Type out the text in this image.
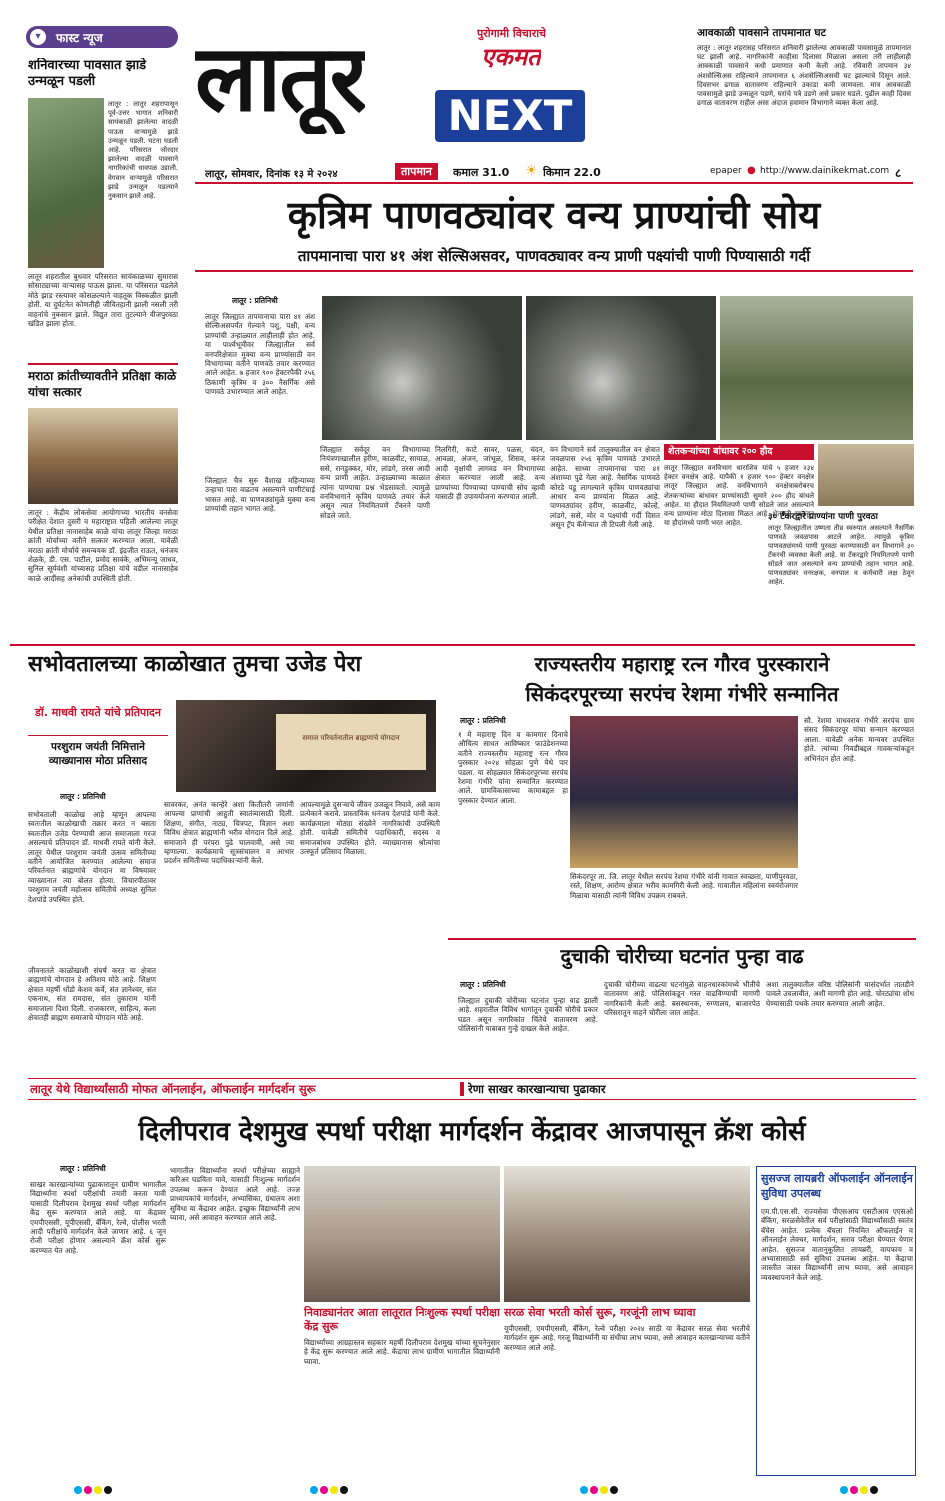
▾	फास्ट न्यूज
शनिवारच्या पावसात झाडे उन्मळून पडली
लातूर : लातूर शहरापासून पूर्व-उत्तर भागात शनिवारी सायंकाळी झालेल्या वादळी पाऊस वाऱ्यामुळे झाडे उन्मळून पडली. घटना घडली आहे. परिसरात जोरदार झालेल्या वादळी पावसाने नागरिकांची धावपळ उडाली. वेगवान वाऱ्यामुळे परिसरात झाडे उन्मळून पडल्याने नुकसान झाले आहे.
लातूर शहरातील बुधवार परिसरात सायंकाळच्या सुमारास सोसाट्याच्या वाऱ्यासह पाऊस झाला. या परिसरात पडलेले मोठे झाड रस्त्यावर कोसळल्याने वाहतूक विस्कळीत झाली होती. या दुर्घटनेत कोणतीही जीवितहानी झाली नसली तरी वाहनांचे नुकसान झाले. विद्युत तारा तुटल्याने वीजपुरवठा खंडित झाला होता.
मराठा क्रांतीच्यावतीने प्रतिक्षा काळे यांचा सत्कार
लातूर : केंद्रीय लोकसेवा आयोगाच्या भारतीय वनसेवा परीक्षेत देशात दुसरी व महाराष्ट्रात पहिली आलेल्या लातूर येथील प्रतिक्षा नानासाहेब काळे यांचा लातूर जिल्हा मराठा क्रांती मोर्चाच्या वतीने सत्कार करण्यात आला. यावेळी मराठा क्रांती मोर्चाचे समन्वयक डॉ. इंद्रजीत राऊत, धनंजय शेळके, डी. एस. पाटील, प्रमोद सावंके, अभिमन्यू जाधव, सुनिल सूर्यवंशी यांच्यासह प्रतिक्षा यांचे वडील नानासाहेब काळे आदींसह अनेकांची उपस्थिती होती.
लातूर	पुरोगामी विचाराचे
एकमत
NEXT
लातूर, सोमवार, दिनांक १३ मे २०२४	तापमान	कमाल 31.0 ☀ किमान 22.0	epaper ● http://www.dainikekmat.com ८
आवकाळी पावसाने तापमानात घट
लातूर : लातूर शहरासह परिसरात शनिवारी झालेल्या आवकाळी पावसामुळे तापमानात घट झाली आहे. नागरिकांनी काहीसा दिलासा मिळाला असला तरी लाहीलाही आवकाळी पावसाने कधी प्रमाणात कमी केली आहे. रविवारी तापमान ३४ अंशसेल्सिअस राहिल्याने तापमानात ६ अंशसेल्सिअसची घट झाल्याचे दिसून आले. दिवसभर ढगाळ वातावरण राहिल्याने उकाडा कमी जाणवला. मात्र आवकाळी पावसामुळे झाडे उन्मळून पडणे, घरांचे पत्रे उडणे असे प्रकार घडले. पुढील काही दिवस ढगाळ वातावरण राहील असा अंदाज हवामान विभागाने व्यक्त केला आहे.
कृत्रिम पाणवठ्यांवर वन्य प्राण्यांची सोय
तापमानाचा पारा ४१ अंश सेल्सिअसवर, पाणवठ्यावर वन्य प्राणी पक्ष्यांची पाणी पिण्यासाठी गर्दी
लातूर : प्रतिनिधी
लातूर जिल्ह्यात तापमानाचा पारा ४१ अंश सेल्सिअसपर्यंत गेल्याने पशु, पक्षी, वन्य प्राण्यांची उन्हाळ्यात लाहीलाही होत आहे. या पार्श्वभूमीवर जिल्ह्यातील सर्व वनपरिक्षेत्रात मुक्या वन्य प्राण्यांसाठी वन विभागाच्या वतीने पाणवठे तयार करण्यात आले आहेत. ७ हजार ९०० हेक्टरपैकी २५६ ठिकाणी कृत्रिम व ३०० नैसर्गिक असे पाणवठे उभारण्यात आले आहेत.
जिल्ह्यात चैत्र सुरु वैशाख महिन्याच्या उन्हाचा पारा वाढतच असल्याने पाणीटंचाई भासत आहे. या पाणवठ्यांमुळे मुक्या वन्य प्राण्यांची तहान भागत आहे.
जिल्ह्यात सर्वदूर वन विभागाच्या नियंत्रणाखालील हरीण, काळवीट, सायाळ, ससे, रानडुक्कर, मोर, लांडगे, तरस आदी वन्य प्राणी आहेत. उन्हाळ्याच्या काळात त्यांना पाण्याचा प्रश्न भेडसावतो. त्यामुळे वनविभागाने कृत्रिम पाणवठे तयार केले असून त्यात नियमितपणे टँकरने पाणी सोडले जाते.
निलगिरी, काटे सावर, पळस, चंदन, आवळा, अंजन, जांभूळ, शिसव, करंज आदी वृक्षांची लागवड वन विभागाच्या क्षेत्रात करण्यात आली आहे. वन्य प्राण्यांच्या पिण्याच्या पाण्याची सोय व्हावी यासाठी ही उपाययोजना करण्यात आली.
वन विभागाने सर्व तालुक्यातील वन क्षेत्रात जवळपास २५६ कृत्रिम पाणवठे उभारले आहेत. साध्या तापमानाचा पारा ४१ अंशाच्या पुढे गेला आहे. नैसर्गिक पाणवठे कोरडे पडू लागल्याने कृत्रिम पाणवठ्यांचा आधार वन्य प्राण्यांना मिळत आहे. पाणवठ्यांवर हरीण, काळवीट, कोल्हे, लांडगे, ससे, मोर व पक्ष्यांची गर्दी दिसत असून ट्रॅप कॅमेऱ्यात ती टिपली गेली आहे.
शेतकऱ्यांच्या बांधावर २०० हौद
लातूर जिल्ह्यात वनविभाग धाराशिव यांचे ५ हजार २३४ हेक्टर वनक्षेत्र आहे. यापैकी १ हजार ९०० हेक्टर वनक्षेत्र लातूर जिल्ह्यात आहे. वनविभागाने वनक्षेत्राबरोबरच शेतकऱ्यांच्या बांधावर प्राण्यांसाठी सुमारे २०० हौद बांधले आहेत. या हौदात नियमितपणे पाणी सोडले जात असल्याने वन्य प्राण्यांना मोठा दिलासा मिळत आहे. शेतकरी स्वतःहून या हौदांमध्ये पाणी भरत आहेत.
३० टँकरद्वारे प्राण्यांना पाणी पुरवठा
लातूर जिल्ह्यातील उष्णता तीव्र स्वरुपात असल्याने नैसर्गिक पाणवठे जवळपास आटले आहेत. त्यामुळे कृत्रिम पाणवठ्यांमध्ये पाणी पुरवठा करण्यासाठी वन विभागाने ३० टँकरची व्यवस्था केली आहे. या टँकरद्वारे नियमितपणे पाणी सोडले जात असल्याने वन्य प्राण्यांची तहान भागत आहे. पाणवठ्यांवर वनरक्षक, वनपाल व कर्मचारी लक्ष ठेवून आहेत.
सभोवतालच्या काळोखात तुमचा उजेड पेरा
डॉ. माधवी रायते यांचे प्रतिपादन
परशुराम जयंती निमित्ताने व्याख्यानास मोठा प्रतिसाद
लातूर : प्रतिनिधी
समाज परिवर्तनातील ब्राह्मणांचे योगदान
सभोवताली काळोख आहे म्हणून आपल्या स्वतःतील काळोखाची तक्रार करत न बसता स्वतःतील उजेड पेरण्याची आज समाजाला गरज असल्याचे प्रतिपादन डॉ. माधवी रायते यांनी केले. लातूर येथील परशुराम जयंती उत्सव समितीच्या वतीने आयोजित करण्यात आलेल्या समाज परिवर्तनात ब्राह्मणांचे योगदान या विषयावर व्याख्यानात त्या बोलत होत्या. विचारपीठावर परशुराम जयंती महोत्सव समितीचे अध्यक्ष सुनिल देशपांडे उपस्थित होते.
जीवनातले काळोखाशी संघर्ष करत या क्षेत्रात ब्राह्मणांचे योगदान हे अतिशय मोठे आहे. शिक्षण क्षेत्रात महर्षी धोंडो केशव कर्वे, संत ज्ञानेश्वर, संत एकनाथ, संत रामदास, संत तुकाराम यांनी समाजाला दिशा दिली. राजकारण, साहित्य, कला क्षेत्रातही ब्राह्मण समाजाचे योगदान मोठे आहे.
सावरकर, अनंत कान्हेरे अशा कितीतरी जणांनी आपल्या प्राणांची आहुती स्वातंत्र्यासाठी दिली. शिक्षण, संगीत, नाट्य, चित्रपट, विज्ञान अशा विविध क्षेत्रात ब्राह्मणांनी भरीव योगदान दिले आहे. समाजाने ही परंपरा पुढे चालवावी, असे त्या म्हणाल्या. कार्यक्रमाचे सूत्रसंचालन व आभार प्रदर्शन समितीच्या पदाधिकाऱ्यांनी केले.
आपल्यामुळे दुसऱ्याचे जीवन उजळून निघावे, असे काम प्रत्येकाने करावे. प्रास्ताविक धनंजय देशपांडे यांनी केले. कार्यक्रमाला मोठ्या संख्येने नागरिकांची उपस्थिती होती. यावेळी समितीचे पदाधिकारी, सदस्य व समाजबांधव उपस्थित होते. व्याख्यानास श्रोत्यांचा उत्स्फूर्त प्रतिसाद मिळाला.
राज्यस्तरीय महाराष्ट्र रत्न गौरव पुरस्काराने
सिकंदरपूरच्या सरपंच रेशमा गंभीरे सन्मानित
लातूर : प्रतिनिधी
१ मे महाराष्ट्र दिन व कामगार दिनाचे औचित्य साधत आविष्कार फाउंडेशनच्या वतीने राज्यस्तरीय महाराष्ट्र रत्न गौरव पुरस्कार २०२४ सोहळा पुणे येथे पार पडला. या सोहळ्यात सिकंदरपूरच्या सरपंच रेशमा गंभीरे यांना सन्मानित करण्यात आले. ग्रामविकासाच्या कामाबद्दल हा पुरस्कार देण्यात आला.
सिकंदरपूर ता. जि. लातूर येथील सरपंच रेशमा गंभीरे यांनी गावात स्वच्छता, पाणीपुरवठा, रस्ते, शिक्षण, आरोग्य क्षेत्रात भरीव कामगिरी केली आहे. गावातील महिलांना स्वयंरोजगार मिळावा यासाठी त्यांनी विविध उपक्रम राबवले.
सौ. रेशमा माधवराव गंभीरे सरपंच ग्राम संसद सिकंदरपूर यांचा सन्मान करण्यात आला. यावेळी अनेक मान्यवर उपस्थित होते. त्यांच्या निवडीबद्दल गावकऱ्यांकडून अभिनंदन होत आहे.
दुचाकी चोरीच्या घटनांत पुन्हा वाढ
लातूर : प्रतिनिधी
जिल्ह्यात दुचाकी चोरीच्या घटनांत पुन्हा वाढ झाली आहे. शहरातील विविध भागांतून दुचाकी चोरीचे प्रकार घडत असून नागरिकांत चिंतेचे वातावरण आहे. पोलिसांनी याबाबत गुन्हे दाखल केले आहेत.
दुचाकी चोरीच्या वाढत्या घटनांमुळे वाहनधारकांमध्ये भीतीचे वातावरण आहे. पोलिसांकडून गस्त वाढविण्याची मागणी नागरिकांनी केली आहे. बसस्थानक, रुग्णालय, बाजारपेठ परिसरातून वाहने चोरीला जात आहेत.
अशा तालुक्यातील वरिष्ठ पोलिसांनी यासंदर्भात तातडीने पावले उचलावीत, अशी मागणी होत आहे. चोरट्यांचा शोध घेण्यासाठी पथके तयार करण्यात आली आहेत.
लातूर येथे विद्यार्थ्यांसाठी मोफत ऑनलाईन, ऑफलाईन मार्गदर्शन सुरू	रेणा साखर कारखान्याचा पुढाकार
दिलीपराव देशमुख स्पर्धा परीक्षा मार्गदर्शन केंद्रावर आजपासून क्रॅश कोर्स
लातूर : प्रतिनिधी
साखर कारखान्यांच्या पुढाकारातून ग्रामीण भागातील विद्यार्थ्यांना स्पर्धा परीक्षांची तयारी करता यावी यासाठी दिलीपराव देशमुख स्पर्धा परीक्षा मार्गदर्शन केंद्र सुरू करण्यात आले आहे. या केंद्रावर एमपीएससी, यूपीएससी, बँकिंग, रेल्वे, पोलीस भरती आदी परीक्षांचे मार्गदर्शन केले जाणार आहे. ६ जून रोजी परीक्षा होणार असल्याने क्रॅश कोर्स सुरू करण्यात येत आहे.
भागातील विद्यार्थ्यांना स्पर्धा परीक्षेच्या साह्याने करिअर घडविता यावे, यासाठी निःशुल्क मार्गदर्शन उपलब्ध करून देण्यात आले आहे. तज्ज्ञ प्राध्यापकांचे मार्गदर्शन, अभ्यासिका, ग्रंथालय अशा सुविधा या केंद्रावर आहेत. इच्छुक विद्यार्थ्यांनी लाभ घ्यावा, असे आवाहन करण्यात आले आहे.
निवाड्यानंतर आता लातूरात निःशुल्क स्पर्धा परीक्षा केंद्र सुरू
विद्यार्थ्यांच्या आग्रहास्तव सहकार महर्षी दिलीपराव देशमुख यांच्या सूचनेनुसार हे केंद्र सुरू करण्यात आले आहे. केंद्राचा लाभ ग्रामीण भागातील विद्यार्थ्यांनी घ्यावा.
सरळ सेवा भरती कोर्स सुरू, गरजूंनी लाभ घ्यावा
यूपीएससी, एमपीएससी, बँकिंग, रेल्वे परीक्षा २०२४ साठी या केंद्रावर सरळ सेवा भरतीचे मार्गदर्शन सुरू आहे. गरजू विद्यार्थ्यांनी या संधीचा लाभ घ्यावा, असे आवाहन कारखान्याच्या वतीने करण्यात आले आहे.
सुसज्ज लायब्ररी ऑफलाईन ऑनलाईन सुविधा उपलब्ध
एम.पी.एस.सी. राज्यसेवा पीएसआय एसटीआय एएसओ बँकिंग, सरळसेवेतील सर्व परीक्षांसाठी विद्यार्थ्यांसाठी स्वतंत्र बॅचेस आहेत. प्रत्येक बॅचला नियमित ऑफलाईन व ऑनलाईन लेक्चर, मार्गदर्शन, सराव परीक्षा घेण्यात येणार आहेत. सुसज्ज वातानुकूलित लायब्ररी, वायफाय व अभ्यासासाठी सर्व सुविधा उपलब्ध आहेत. या केंद्राचा जास्तीत जास्त विद्यार्थ्यांनी लाभ घ्यावा, असे आवाहन व्यवस्थापनाने केले आहे.
